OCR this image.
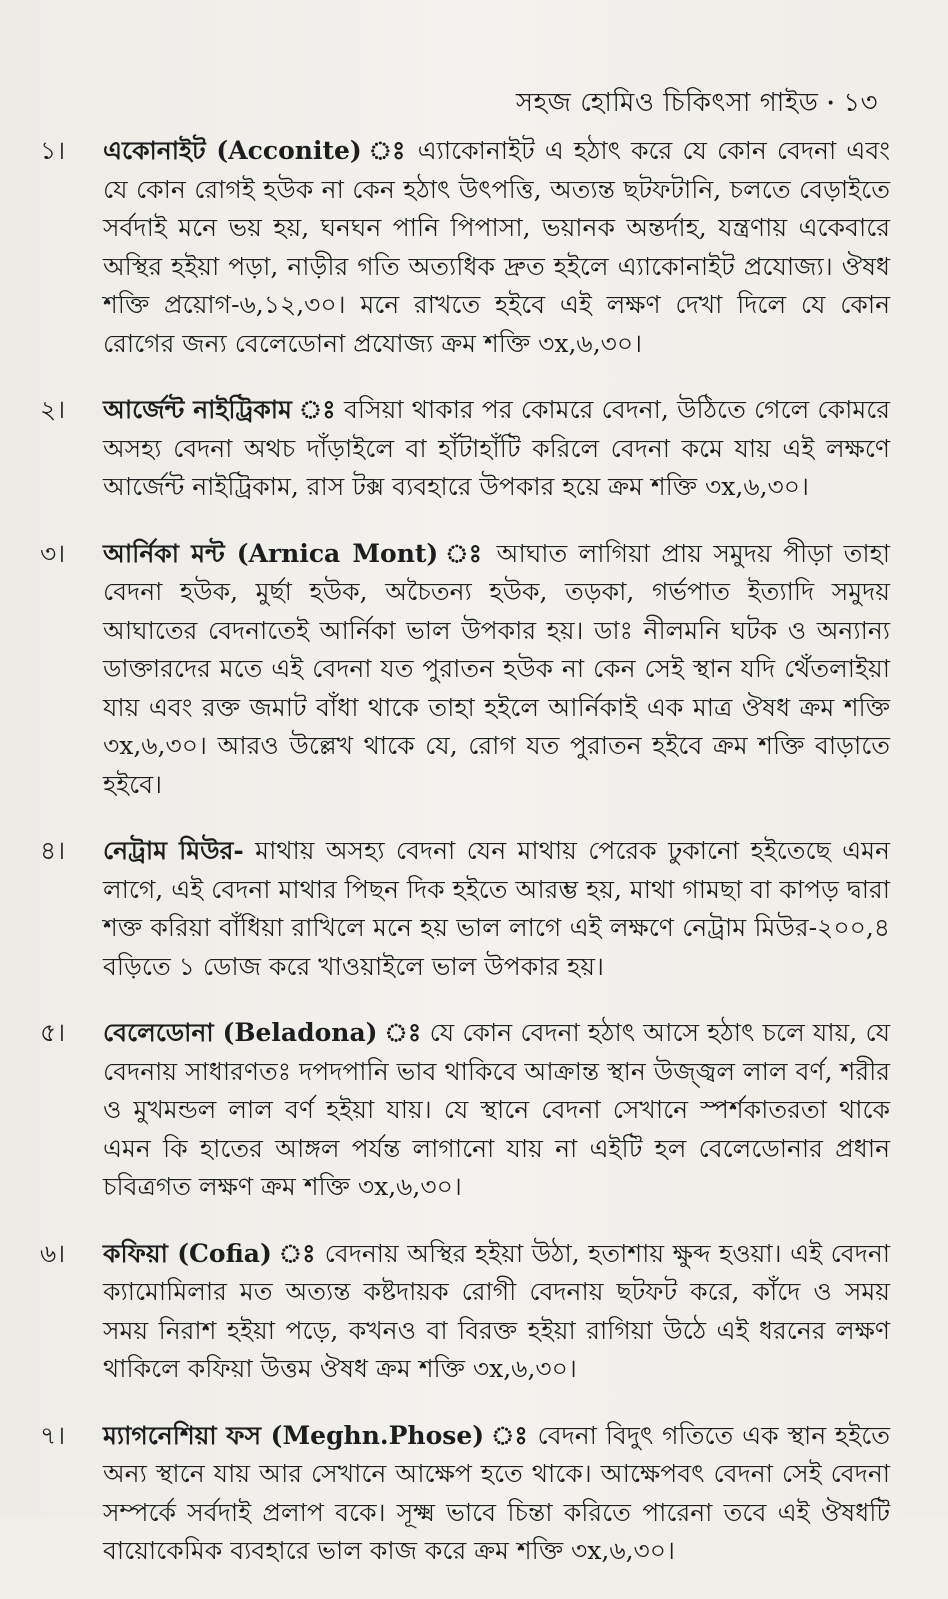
সহজ হোমিও চিকিৎসা গাইড • ১৩
১।	একোনাইট (Acconite) ঃ এ্যাকোনাইট এ হঠাৎ করে যে কোন বেদনা এবং যে কোন রোগই হউক না কেন হঠাৎ উৎপত্তি, অত্যন্ত ছটফটানি, চলতে বেড়াইতে সর্বদাই মনে ভয় হয়, ঘনঘন পানি পিপাসা, ভয়ানক অন্তর্দাহ, যন্ত্রণায় একেবারে অস্থির হইয়া পড়া, নাড়ীর গতি অত্যধিক দ্রুত হইলে এ্যাকোনাইট প্রযোজ্য। ঔষধ শক্তি প্রয়োগ-৬,১২,৩০। মনে রাখতে হইবে এই লক্ষণ দেখা দিলে যে কোন রোগের জন্য বেলেডোনা প্রযোজ্য ক্রম শক্তি ৩x,৬,৩০।
২।	আর্জেন্ট নাইট্রিকাম ঃ বসিয়া থাকার পর কোমরে বেদনা, উঠিতে গেলে কোমরে অসহ্য বেদনা অথচ দাঁড়াইলে বা হাঁটাহাঁটি করিলে বেদনা কমে যায় এই লক্ষণে আর্জেন্ট নাইট্রিকাম, রাস টক্স ব্যবহারে উপকার হয়ে ক্রম শক্তি ৩x,৬,৩০।
৩।	আর্নিকা মন্ট (Arnica Mont) ঃ আঘাত লাগিয়া প্রায় সমুদয় পীড়া তাহা বেদনা হউক, মুর্ছা হউক, অচৈতন্য হউক, তড়কা, গর্ভপাত ইত্যাদি সমুদয় আঘাতের বেদনাতেই আর্নিকা ভাল উপকার হয়। ডাঃ নীলমনি ঘটক ও অন্যান্য ডাক্তারদের মতে এই বেদনা যত পুরাতন হউক না কেন সেই স্থান যদি থেঁতলাইয়া যায় এবং রক্ত জমাট বাঁধা থাকে তাহা হইলে আর্নিকাই এক মাত্র ঔষধ ক্রম শক্তি ৩x,৬,৩০। আরও উল্লেখ থাকে যে, রোগ যত পুরাতন হইবে ক্রম শক্তি বাড়াতে হইবে।
৪।	নেট্রাম মিউর- মাথায় অসহ্য বেদনা যেন মাথায় পেরেক ঢুকানো হইতেছে এমন লাগে, এই বেদনা মাথার পিছন দিক হইতে আরম্ভ হয়, মাথা গামছা বা কাপড় দ্বারা শক্ত করিয়া বাঁধিয়া রাখিলে মনে হয় ভাল লাগে এই লক্ষণে নেট্রাম মিউর-২০০,৪ বড়িতে ১ ডোজ করে খাওয়াইলে ভাল উপকার হয়।
৫।	বেলেডোনা (Beladona) ঃ যে কোন বেদনা হঠাৎ আসে হঠাৎ চলে যায়, যে বেদনায় সাধারণতঃ দপদপানি ভাব থাকিবে আক্রান্ত স্থান উজ্জ্বল লাল বর্ণ, শরীর ও মুখমন্ডল লাল বর্ণ হইয়া যায়। যে স্থানে বেদনা সেখানে স্পর্শকাতরতা থাকে এমন কি হাতের আঙ্গল পর্যন্ত লাগানো যায় না এইটি হল বেলেডোনার প্রধান চবিত্রগত লক্ষণ ক্রম শক্তি ৩x,৬,৩০।
৬।	কফিয়া (Cofia) ঃ বেদনায় অস্থির হইয়া উঠা, হতাশায় ক্ষুব্দ হওয়া। এই বেদনা ক্যামোমিলার মত অত্যন্ত কষ্টদায়ক রোগী বেদনায় ছটফট করে, কাঁদে ও সময় সময় নিরাশ হইয়া পড়ে, কখনও বা বিরক্ত হইয়া রাগিয়া উঠে এই ধরনের লক্ষণ থাকিলে কফিয়া উত্তম ঔষধ ক্রম শক্তি ৩x,৬,৩০।
৭।	ম্যাগনেশিয়া ফস (Meghn.Phose) ঃ বেদনা বিদুৎ গতিতে এক স্থান হইতে অন্য স্থানে যায় আর সেখানে আক্ষেপ হতে থাকে। আক্ষেপবৎ বেদনা সেই বেদনা সম্পর্কে সর্বদাই প্রলাপ বকে। সূক্ষ্ম ভাবে চিন্তা করিতে পারেনা তবে এই ঔষধটি বায়োকেমিক ব্যবহারে ভাল কাজ করে ক্রম শক্তি ৩x,৬,৩০।
